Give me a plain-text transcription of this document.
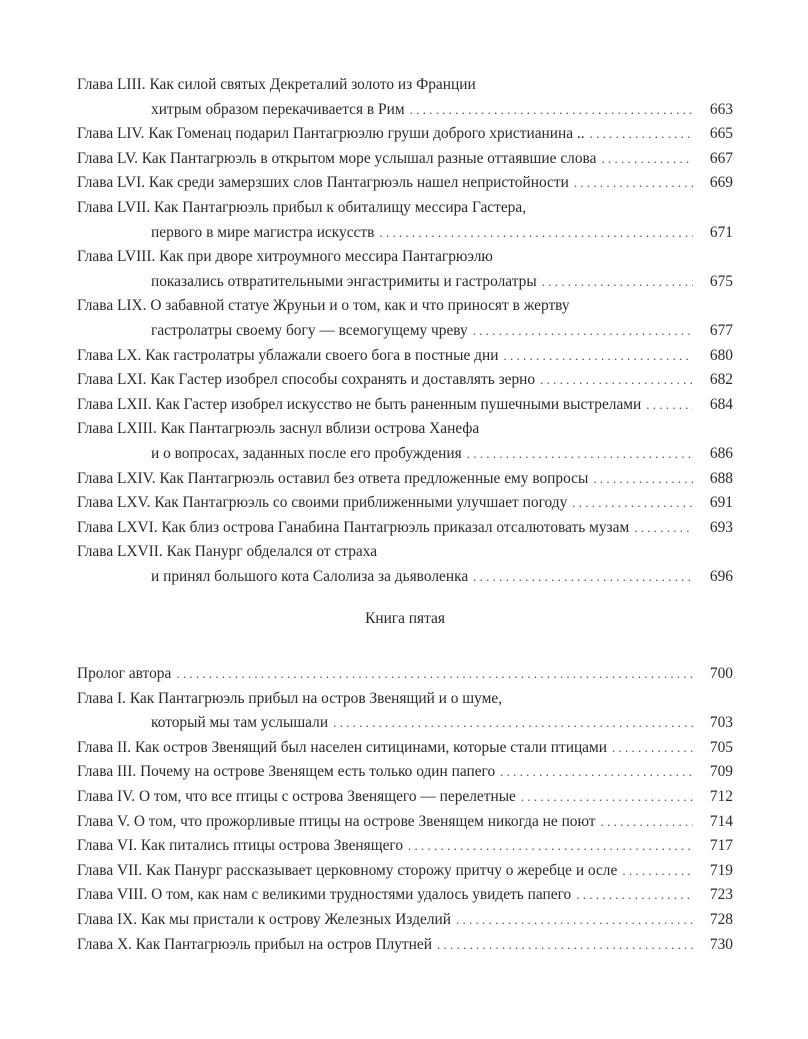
Глава LIII. Как силой святых Декреталий золото из Франции
хитрым образом перекачивается в Рим . . .	663
Глава LIV. Как Гоменац подарил Пантагрюэлю груши доброго христианина .. . . .	665
Глава LV. Как Пантагрюэль в открытом море услышал разные оттаявшие слова . . .	667
Глава LVI. Как среди замерзших слов Пантагрюэль нашел непристойности . . .	669
Глава LVII. Как Пантагрюэль прибыл к обиталищу мессира Гастера,
первого в мире магистра искусств . . .	671
Глава LVIII. Как при дворе хитроумного мессира Пантагрюэлю
показались отвратительными энгастримиты и гастролатры . . .	675
Глава LIX. О забавной статуе Жруньи и о том, как и что приносят в жертву
гастролатры своему богу — всемогущему чреву . . .	677
Глава LX. Как гастролатры ублажали своего бога в постные дни . . .	680
Глава LXI. Как Гастер изобрел способы сохранять и доставлять зерно . . .	682
Глава LXII. Как Гастер изобрел искусство не быть раненным пушечными выстрелами . . .	684
Глава LXIII. Как Пантагрюэль заснул вблизи острова Ханефа
и о вопросах, заданных после его пробуждения . . .	686
Глава LXIV. Как Пантагрюэль оставил без ответа предложенные ему вопросы . . .	688
Глава LXV. Как Пантагрюэль со своими приближенными улучшает погоду . . .	691
Глава LXVI. Как близ острова Ганабина Пантагрюэль приказал отсалютовать музам . . .	693
Глава LXVII. Как Панург обделался от страха
и принял большого кота Салолиза за дьяволенка . . .	696
Книга пятая
Пролог автора . . .	700
Глава I. Как Пантагрюэль прибыл на остров Звенящий и о шуме,
который мы там услышали . . .	703
Глава II. Как остров Звенящий был населен ситицинами, которые стали птицами . . .	705
Глава III. Почему на острове Звенящем есть только один папего . . .	709
Глава IV. О том, что все птицы с острова Звенящего — перелетные . . .	712
Глава V. О том, что прожорливые птицы на острове Звенящем никогда не поют . . .	714
Глава VI. Как питались птицы острова Звенящего . . .	717
Глава VII. Как Панург рассказывает церковному сторожу притчу о жеребце и осле . . .	719
Глава VIII. О том, как нам с великими трудностями удалось увидеть папего . . .	723
Глава IX. Как мы пристали к острову Железных Изделий . . .	728
Глава X. Как Пантагрюэль прибыл на остров Плутней . . .	730
